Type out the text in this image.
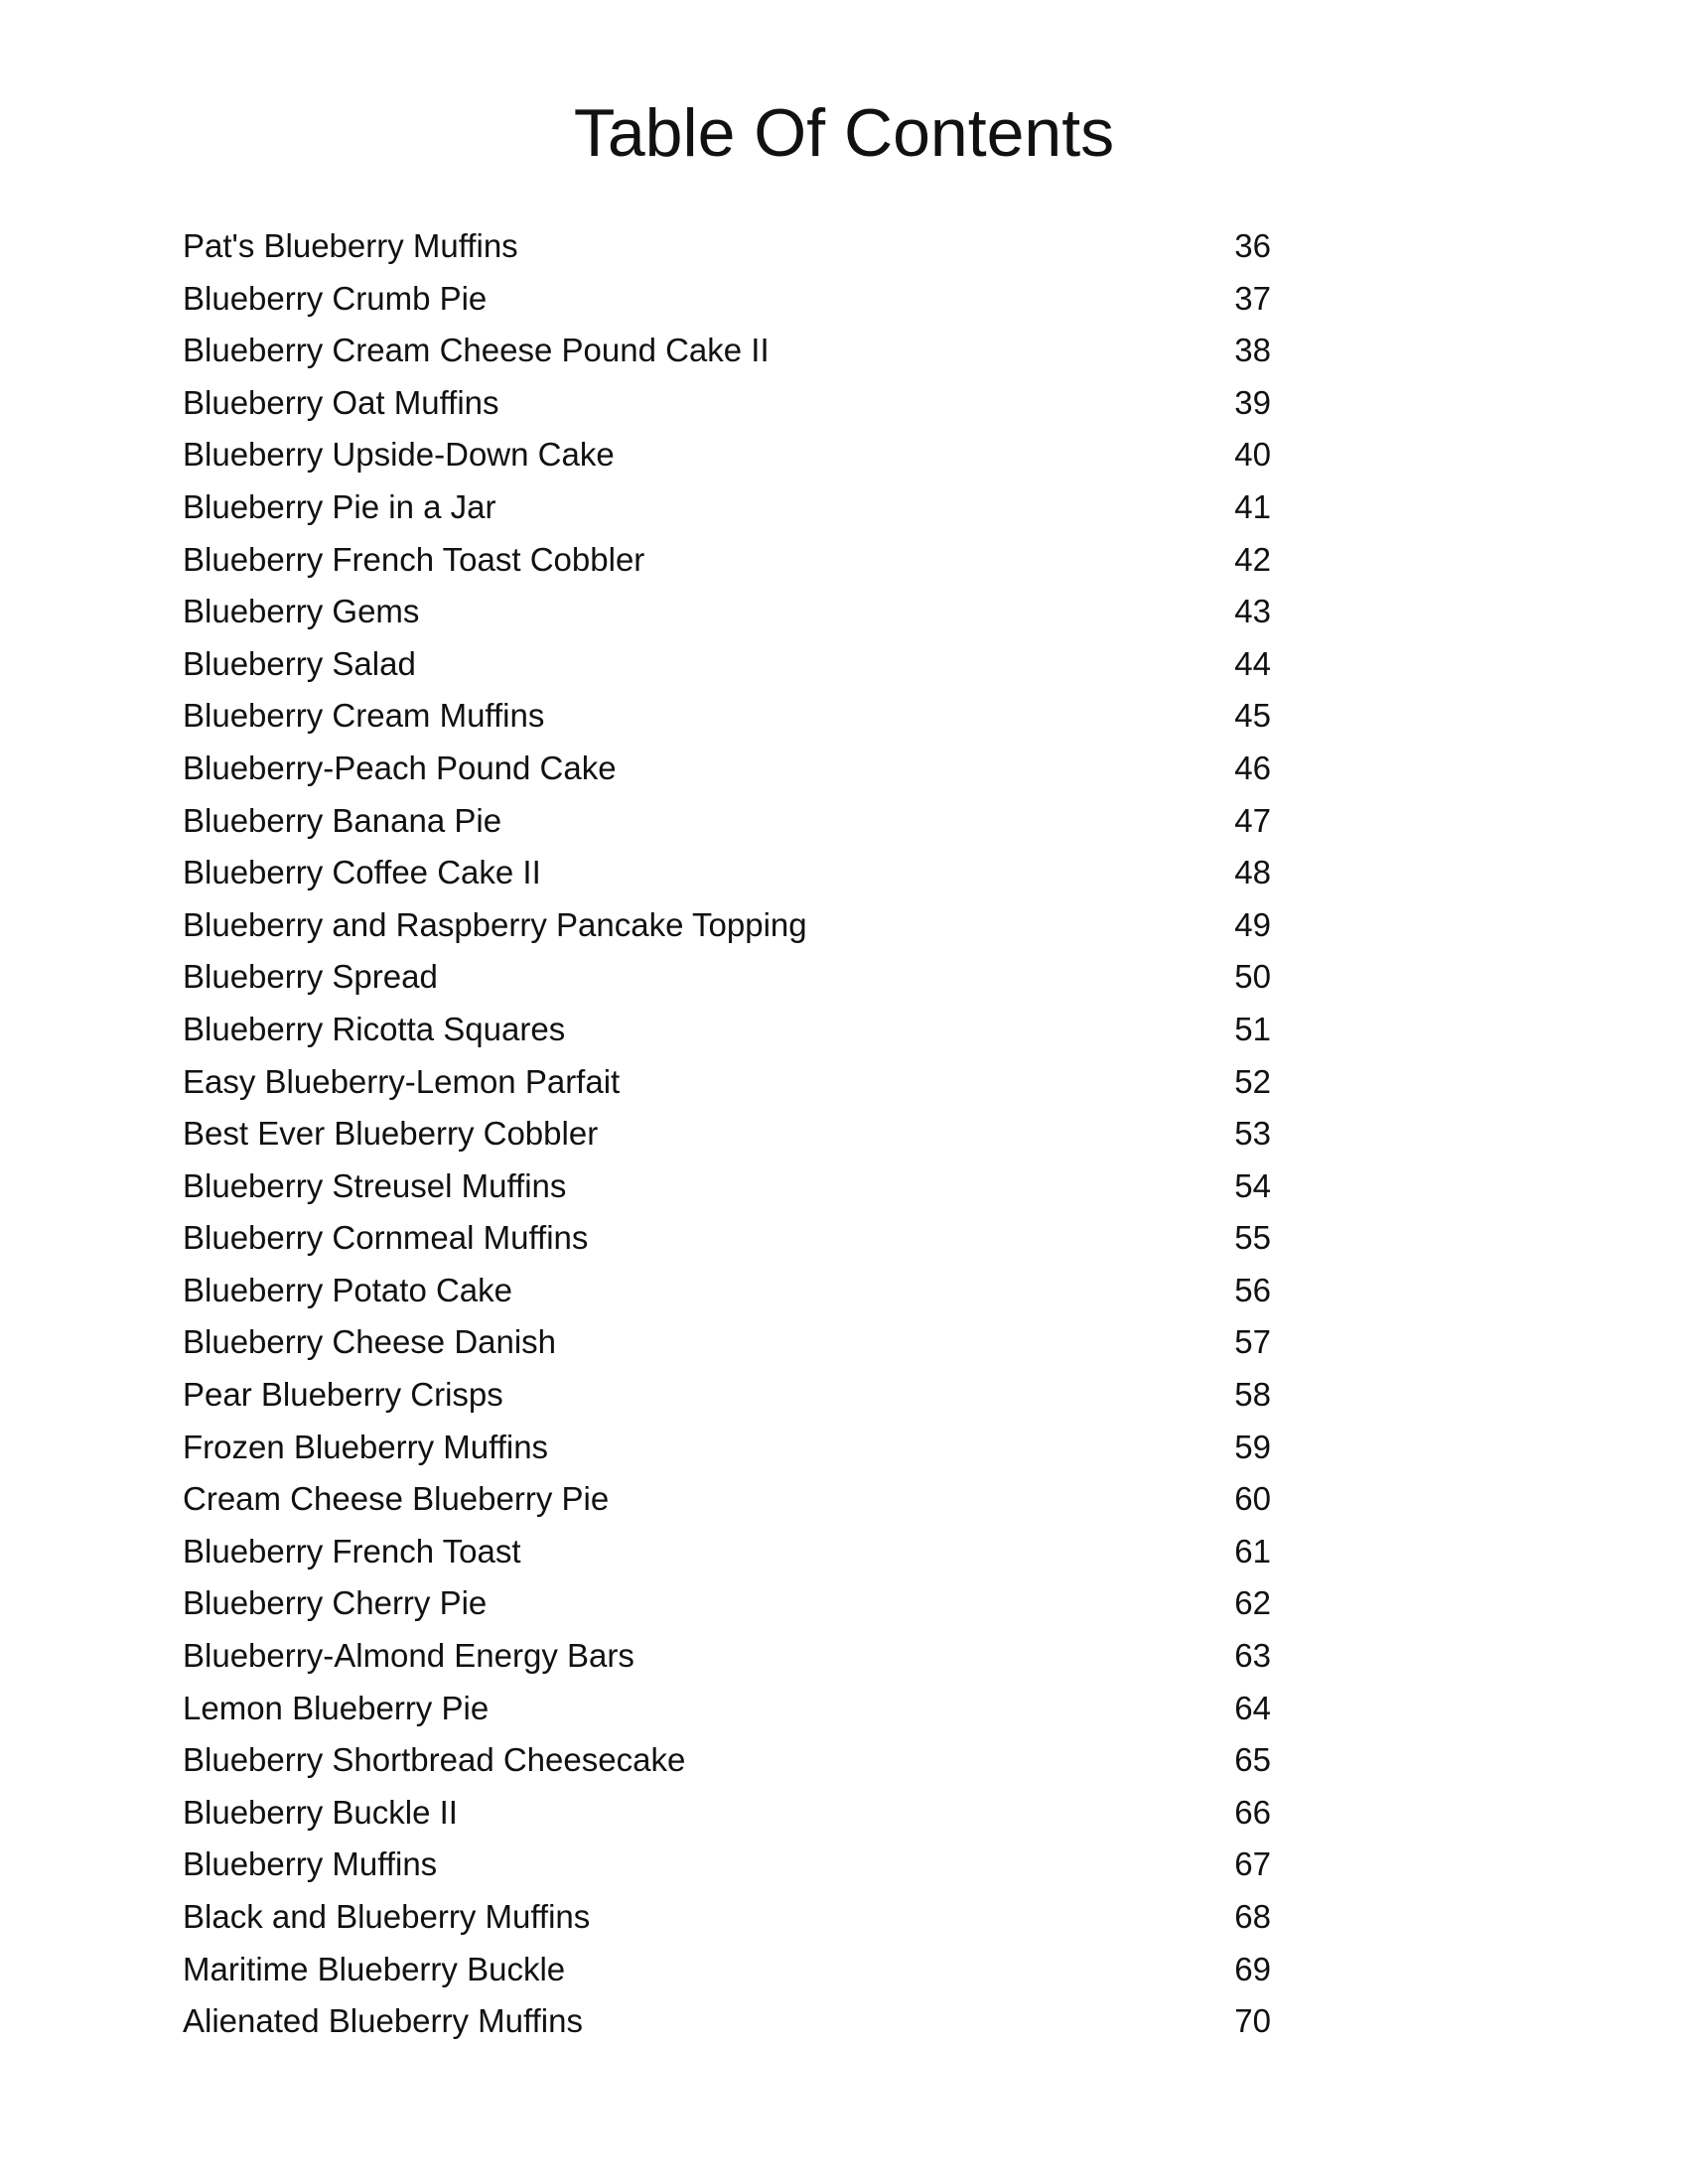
Table Of Contents
Pat's Blueberry Muffins	36
Blueberry Crumb Pie	37
Blueberry Cream Cheese Pound Cake II	38
Blueberry Oat Muffins	39
Blueberry Upside-Down Cake	40
Blueberry Pie in a Jar	41
Blueberry French Toast Cobbler	42
Blueberry Gems	43
Blueberry Salad	44
Blueberry Cream Muffins	45
Blueberry-Peach Pound Cake	46
Blueberry Banana Pie	47
Blueberry Coffee Cake II	48
Blueberry and Raspberry Pancake Topping	49
Blueberry Spread	50
Blueberry Ricotta Squares	51
Easy Blueberry-Lemon Parfait	52
Best Ever Blueberry Cobbler	53
Blueberry Streusel Muffins	54
Blueberry Cornmeal Muffins	55
Blueberry Potato Cake	56
Blueberry Cheese Danish	57
Pear Blueberry Crisps	58
Frozen Blueberry Muffins	59
Cream Cheese Blueberry Pie	60
Blueberry French Toast	61
Blueberry Cherry Pie	62
Blueberry-Almond Energy Bars	63
Lemon Blueberry Pie	64
Blueberry Shortbread Cheesecake	65
Blueberry Buckle II	66
Blueberry Muffins	67
Black and Blueberry Muffins	68
Maritime Blueberry Buckle	69
Alienated Blueberry Muffins	70
